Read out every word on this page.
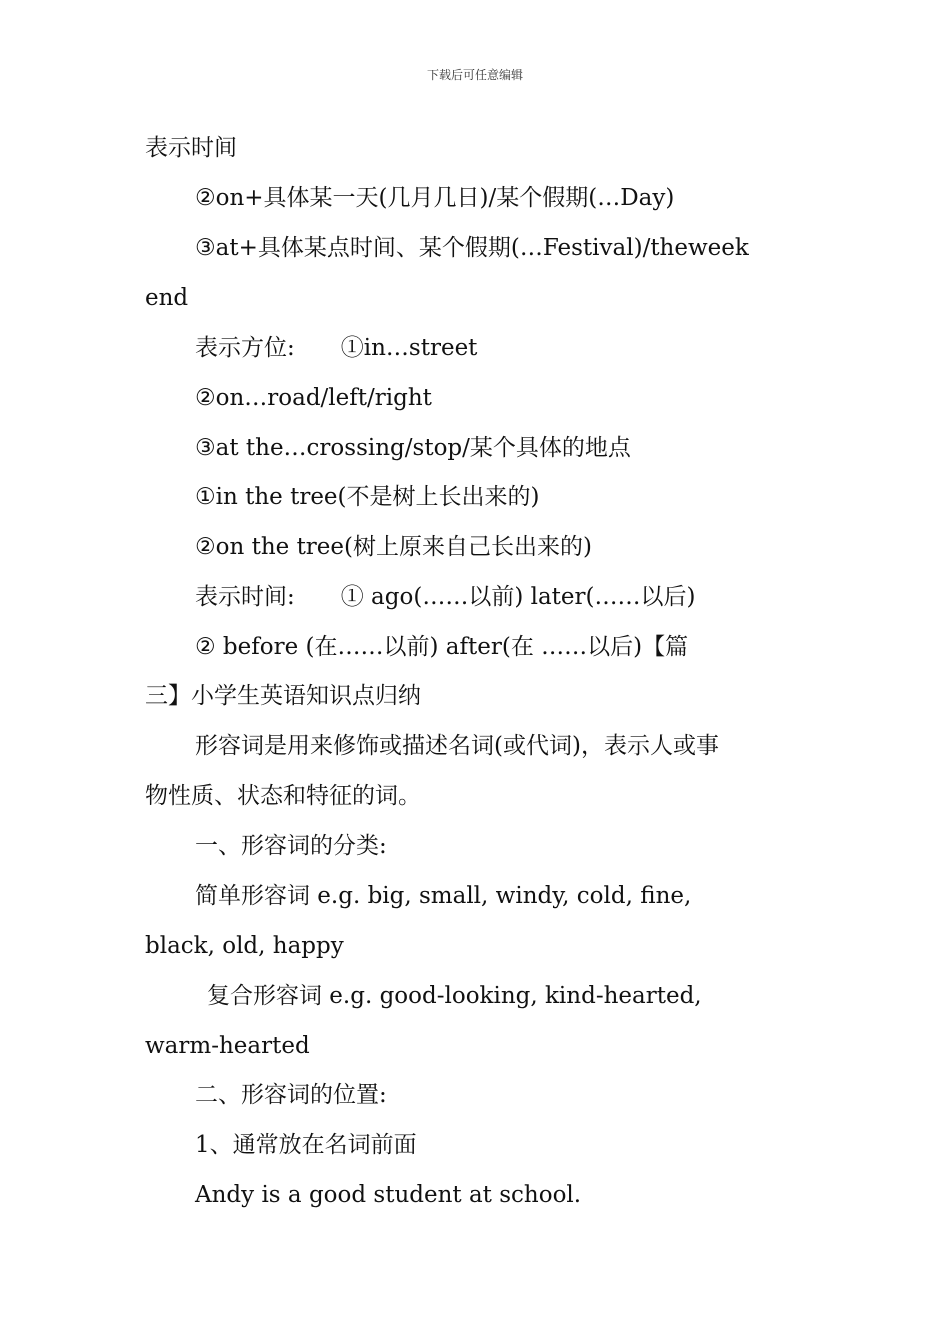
下载后可任意编辑
表示时间
②on+具体某一天(几月几日)/某个假期(…Day)
③at+具体某点时间、某个假期(…Festival)/theweek
end
表示方位:　　①in…street
②on…road/left/right
③at the…crossing/stop/某个具体的地点
①in the tree(不是树上长出来的)
②on the tree(树上原来自己长出来的)
表示时间:　　① ago(……以前) later(……以后)
② before (在……以前) after(在 ……以后)【篇
三】小学生英语知识点归纳
形容词是用来修饰或描述名词(或代词)，表示人或事
物性质、状态和特征的词。
一、形容词的分类:
简单形容词 e.g. big, small, windy, cold, fine,
black, old, happy
复合形容词 e.g. good-looking, kind-hearted,
warm-hearted
二、形容词的位置:
1、通常放在名词前面
Andy is a good student at school.
